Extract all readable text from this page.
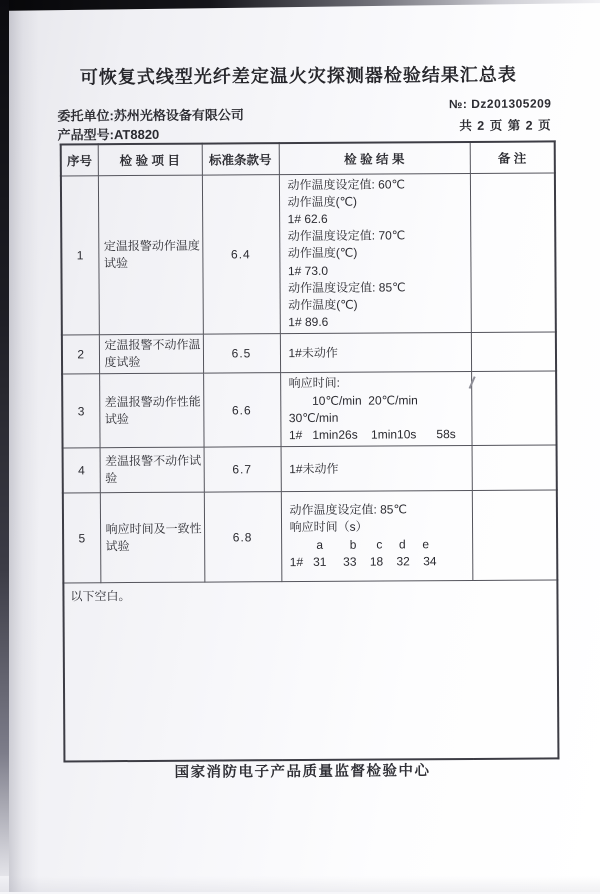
可恢复式线型光纤差定温火灾探测器检验结果汇总表
委托单位:苏州光格设备有限公司
产品型号:AT8820
№: Dz201305209
共 2 页 第 2 页
序号	检 验 项 目	标准条款号	检 验 结 果	备 注
1	定温报警动作温度试验	6.4	动作温度设定值: 60℃
动作温度(℃)
1# 62.6
动作温度设定值: 70℃
动作温度(℃)
1# 73.0
动作温度设定值: 85℃
动作温度(℃)
1# 89.6	
2	定温报警不动作温度试验	6.5	1#未动作	
3	差温报警动作性能试验	6.6	响应时间:
10℃/min  20℃/min  30℃/min
1#   1min26s    1min10s      58s	
4	差温报警不动作试验	6.7	1#未动作	
5	响应时间及一致性试验	6.8	动作温度设定值: 85℃
响应时间（s）
a        b      c     d     e
1#   31     33    18    32    34	
以下空白。				
国家消防电子产品质量监督检验中心
